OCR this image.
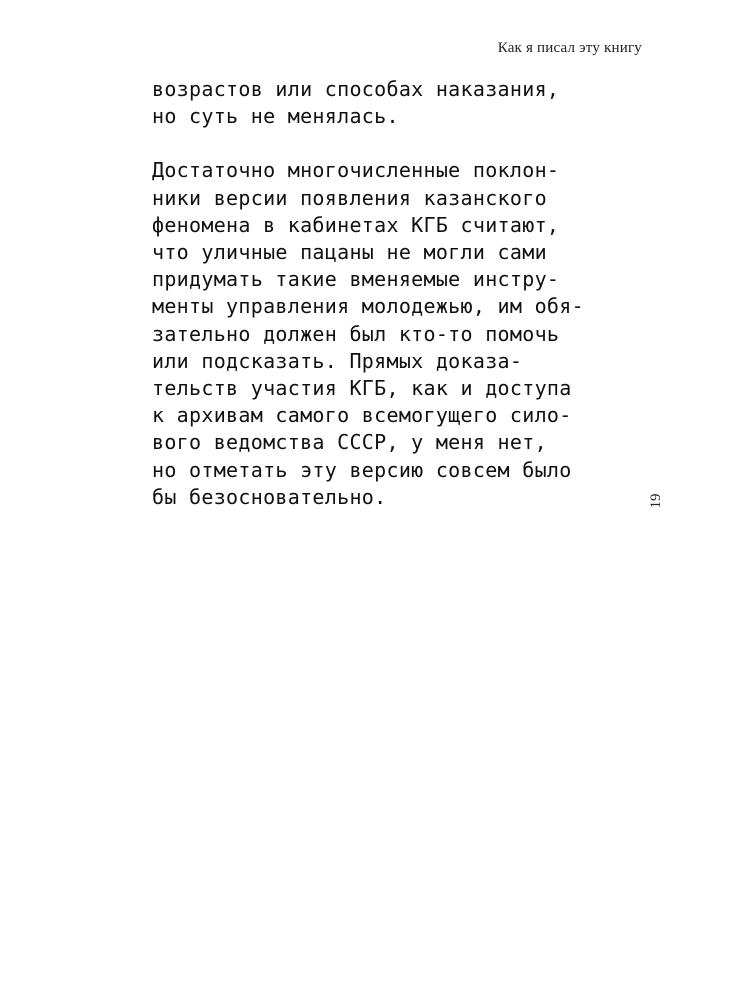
Как я писал эту книгу

возрастов или способах наказания,
но суть не менялась.

Достаточно многочисленные поклон-
ники версии появления казанского
феномена в кабинетах КГБ считают,
что уличные пацаны не могли сами
придумать такие вменяемые инстру-
менты управления молодежью, им обя-
зательно должен был кто-то помочь
или подсказать. Прямых доказа-
тельств участия КГБ, как и доступа
к архивам самого всемогущего сило-
вого ведомства СССР, у меня нет,
но отметать эту версию совсем было
бы безосновательно.	19
